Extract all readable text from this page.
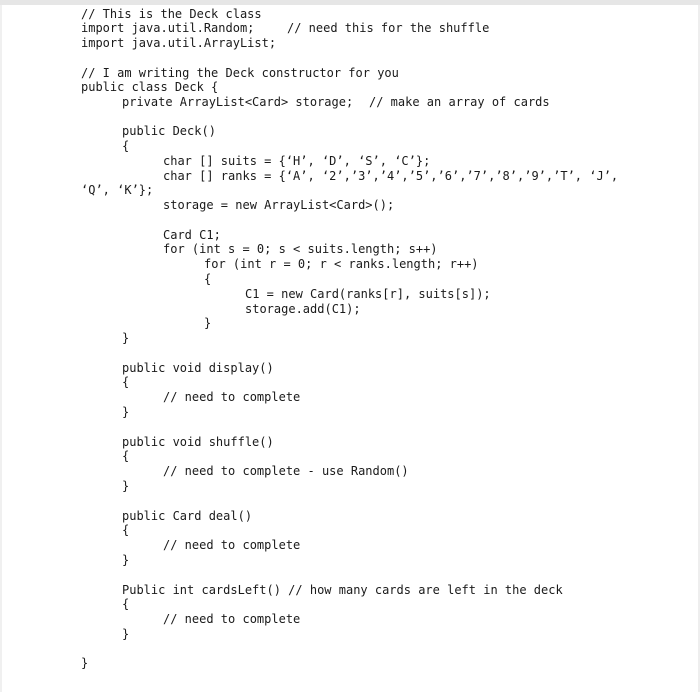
// This is the Deck class
import java.util.Random;	// need this for the shuffle
import java.util.ArrayList;
// I am writing the Deck constructor for you
public class Deck {
private ArrayList<Card> storage; // make an array of cards
public Deck()
{
char [] suits = {‘H’, ‘D’, ‘S’, ‘C’};
char [] ranks = {‘A’, ‘2’,’3’,’4’,’5’,’6’,’7’,’8’,’9’,’T’, ‘J’,
‘Q’, ‘K’};
storage = new ArrayList<Card>();
Card C1;
for (int s = 0; s < suits.length; s++)
for (int r = 0; r < ranks.length; r++)
{
C1 = new Card(ranks[r], suits[s]);
storage.add(C1);
}
}
public void display()
{
// need to complete
}
public void shuffle()
{
// need to complete - use Random()
}
public Card deal()
{
// need to complete
}
Public int cardsLeft() // how many cards are left in the deck
{
// need to complete
}
}
